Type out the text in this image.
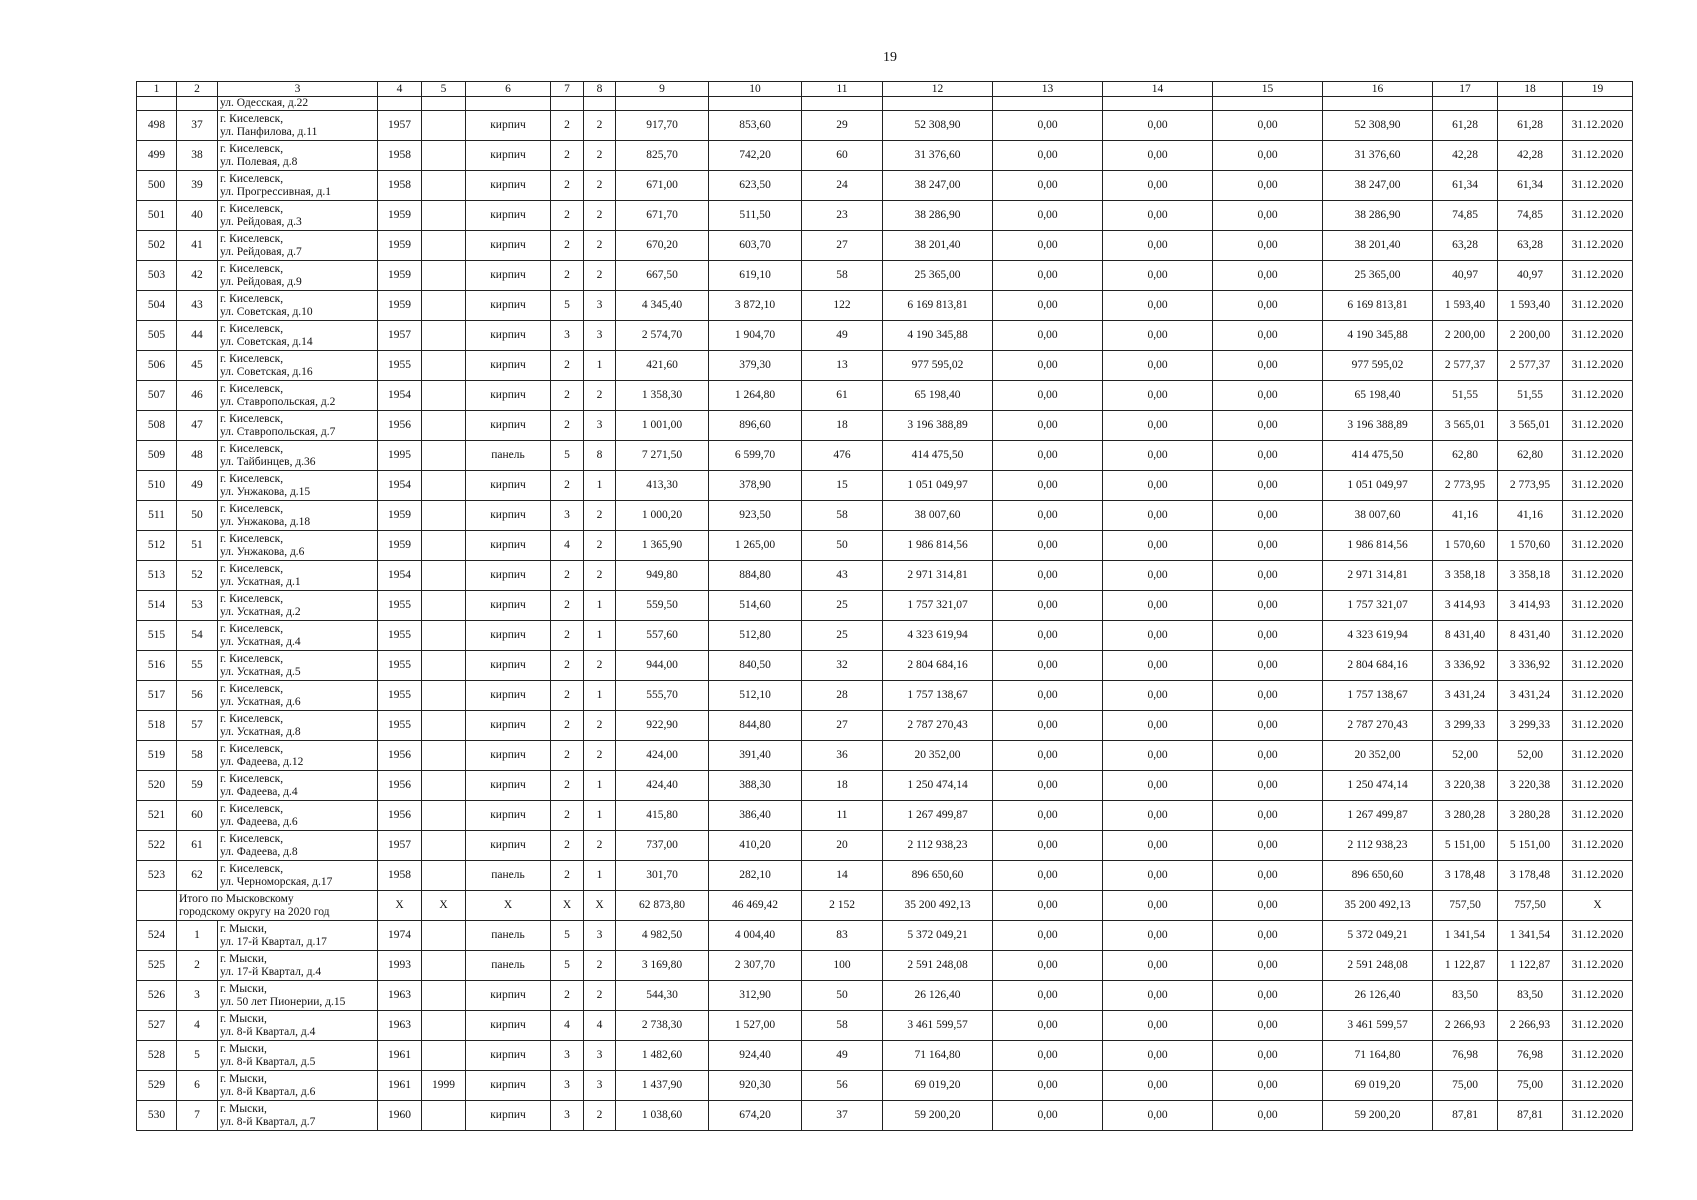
19
1	2	3	4	5	6	7	8	9	10	11	12	13	14	15	16	17	18	19
		ул. Одесская, д.22																
498	37	г. Киселевск,
ул. Панфилова, д.11	1957		кирпич	2	2	917,70	853,60	29	52 308,90	0,00	0,00	0,00	52 308,90	61,28	61,28	31.12.2020
499	38	г. Киселевск,
ул. Полевая, д.8	1958		кирпич	2	2	825,70	742,20	60	31 376,60	0,00	0,00	0,00	31 376,60	42,28	42,28	31.12.2020
500	39	г. Киселевск,
ул. Прогрессивная, д.1	1958		кирпич	2	2	671,00	623,50	24	38 247,00	0,00	0,00	0,00	38 247,00	61,34	61,34	31.12.2020
501	40	г. Киселевск,
ул. Рейдовая, д.3	1959		кирпич	2	2	671,70	511,50	23	38 286,90	0,00	0,00	0,00	38 286,90	74,85	74,85	31.12.2020
502	41	г. Киселевск,
ул. Рейдовая, д.7	1959		кирпич	2	2	670,20	603,70	27	38 201,40	0,00	0,00	0,00	38 201,40	63,28	63,28	31.12.2020
503	42	г. Киселевск,
ул. Рейдовая, д.9	1959		кирпич	2	2	667,50	619,10	58	25 365,00	0,00	0,00	0,00	25 365,00	40,97	40,97	31.12.2020
504	43	г. Киселевск,
ул. Советская, д.10	1959		кирпич	5	3	4 345,40	3 872,10	122	6 169 813,81	0,00	0,00	0,00	6 169 813,81	1 593,40	1 593,40	31.12.2020
505	44	г. Киселевск,
ул. Советская, д.14	1957		кирпич	3	3	2 574,70	1 904,70	49	4 190 345,88	0,00	0,00	0,00	4 190 345,88	2 200,00	2 200,00	31.12.2020
506	45	г. Киселевск,
ул. Советская, д.16	1955		кирпич	2	1	421,60	379,30	13	977 595,02	0,00	0,00	0,00	977 595,02	2 577,37	2 577,37	31.12.2020
507	46	г. Киселевск,
ул. Ставропольская, д.2	1954		кирпич	2	2	1 358,30	1 264,80	61	65 198,40	0,00	0,00	0,00	65 198,40	51,55	51,55	31.12.2020
508	47	г. Киселевск,
ул. Ставропольская, д.7	1956		кирпич	2	3	1 001,00	896,60	18	3 196 388,89	0,00	0,00	0,00	3 196 388,89	3 565,01	3 565,01	31.12.2020
509	48	г. Киселевск,
ул. Тайбинцев, д.36	1995		панель	5	8	7 271,50	6 599,70	476	414 475,50	0,00	0,00	0,00	414 475,50	62,80	62,80	31.12.2020
510	49	г. Киселевск,
ул. Унжакова, д.15	1954		кирпич	2	1	413,30	378,90	15	1 051 049,97	0,00	0,00	0,00	1 051 049,97	2 773,95	2 773,95	31.12.2020
511	50	г. Киселевск,
ул. Унжакова, д.18	1959		кирпич	3	2	1 000,20	923,50	58	38 007,60	0,00	0,00	0,00	38 007,60	41,16	41,16	31.12.2020
512	51	г. Киселевск,
ул. Унжакова, д.6	1959		кирпич	4	2	1 365,90	1 265,00	50	1 986 814,56	0,00	0,00	0,00	1 986 814,56	1 570,60	1 570,60	31.12.2020
513	52	г. Киселевск,
ул. Ускатная, д.1	1954		кирпич	2	2	949,80	884,80	43	2 971 314,81	0,00	0,00	0,00	2 971 314,81	3 358,18	3 358,18	31.12.2020
514	53	г. Киселевск,
ул. Ускатная, д.2	1955		кирпич	2	1	559,50	514,60	25	1 757 321,07	0,00	0,00	0,00	1 757 321,07	3 414,93	3 414,93	31.12.2020
515	54	г. Киселевск,
ул. Ускатная, д.4	1955		кирпич	2	1	557,60	512,80	25	4 323 619,94	0,00	0,00	0,00	4 323 619,94	8 431,40	8 431,40	31.12.2020
516	55	г. Киселевск,
ул. Ускатная, д.5	1955		кирпич	2	2	944,00	840,50	32	2 804 684,16	0,00	0,00	0,00	2 804 684,16	3 336,92	3 336,92	31.12.2020
517	56	г. Киселевск,
ул. Ускатная, д.6	1955		кирпич	2	1	555,70	512,10	28	1 757 138,67	0,00	0,00	0,00	1 757 138,67	3 431,24	3 431,24	31.12.2020
518	57	г. Киселевск,
ул. Ускатная, д.8	1955		кирпич	2	2	922,90	844,80	27	2 787 270,43	0,00	0,00	0,00	2 787 270,43	3 299,33	3 299,33	31.12.2020
519	58	г. Киселевск,
ул. Фадеева, д.12	1956		кирпич	2	2	424,00	391,40	36	20 352,00	0,00	0,00	0,00	20 352,00	52,00	52,00	31.12.2020
520	59	г. Киселевск,
ул. Фадеева, д.4	1956		кирпич	2	1	424,40	388,30	18	1 250 474,14	0,00	0,00	0,00	1 250 474,14	3 220,38	3 220,38	31.12.2020
521	60	г. Киселевск,
ул. Фадеева, д.6	1956		кирпич	2	1	415,80	386,40	11	1 267 499,87	0,00	0,00	0,00	1 267 499,87	3 280,28	3 280,28	31.12.2020
522	61	г. Киселевск,
ул. Фадеева, д.8	1957		кирпич	2	2	737,00	410,20	20	2 112 938,23	0,00	0,00	0,00	2 112 938,23	5 151,00	5 151,00	31.12.2020
523	62	г. Киселевск,
ул. Черноморская, д.17	1958		панель	2	1	301,70	282,10	14	896 650,60	0,00	0,00	0,00	896 650,60	3 178,48	3 178,48	31.12.2020

	Итого по Мысковскому
городскому округу на 2020 год		X	X	X	X	X	62 873,80	46 469,42	2 152	35 200 492,13	0,00	0,00	0,00	35 200 492,13	757,50	757,50	X
524	1	г. Мыски,
ул. 17-й Квартал, д.17	1974		панель	5	3	4 982,50	4 004,40	83	5 372 049,21	0,00	0,00	0,00	5 372 049,21	1 341,54	1 341,54	31.12.2020
525	2	г. Мыски,
ул. 17-й Квартал, д.4	1993		панель	5	2	3 169,80	2 307,70	100	2 591 248,08	0,00	0,00	0,00	2 591 248,08	1 122,87	1 122,87	31.12.2020
526	3	г. Мыски,
ул. 50 лет Пионерии, д.15	1963		кирпич	2	2	544,30	312,90	50	26 126,40	0,00	0,00	0,00	26 126,40	83,50	83,50	31.12.2020
527	4	г. Мыски,
ул. 8-й Квартал, д.4	1963		кирпич	4	4	2 738,30	1 527,00	58	3 461 599,57	0,00	0,00	0,00	3 461 599,57	2 266,93	2 266,93	31.12.2020
528	5	г. Мыски,
ул. 8-й Квартал, д.5	1961		кирпич	3	3	1 482,60	924,40	49	71 164,80	0,00	0,00	0,00	71 164,80	76,98	76,98	31.12.2020
529	6	г. Мыски,
ул. 8-й Квартал, д.6	1961	1999	кирпич	3	3	1 437,90	920,30	56	69 019,20	0,00	0,00	0,00	69 019,20	75,00	75,00	31.12.2020
530	7	г. Мыски,
ул. 8-й Квартал, д.7	1960		кирпич	3	2	1 038,60	674,20	37	59 200,20	0,00	0,00	0,00	59 200,20	87,81	87,81	31.12.2020
